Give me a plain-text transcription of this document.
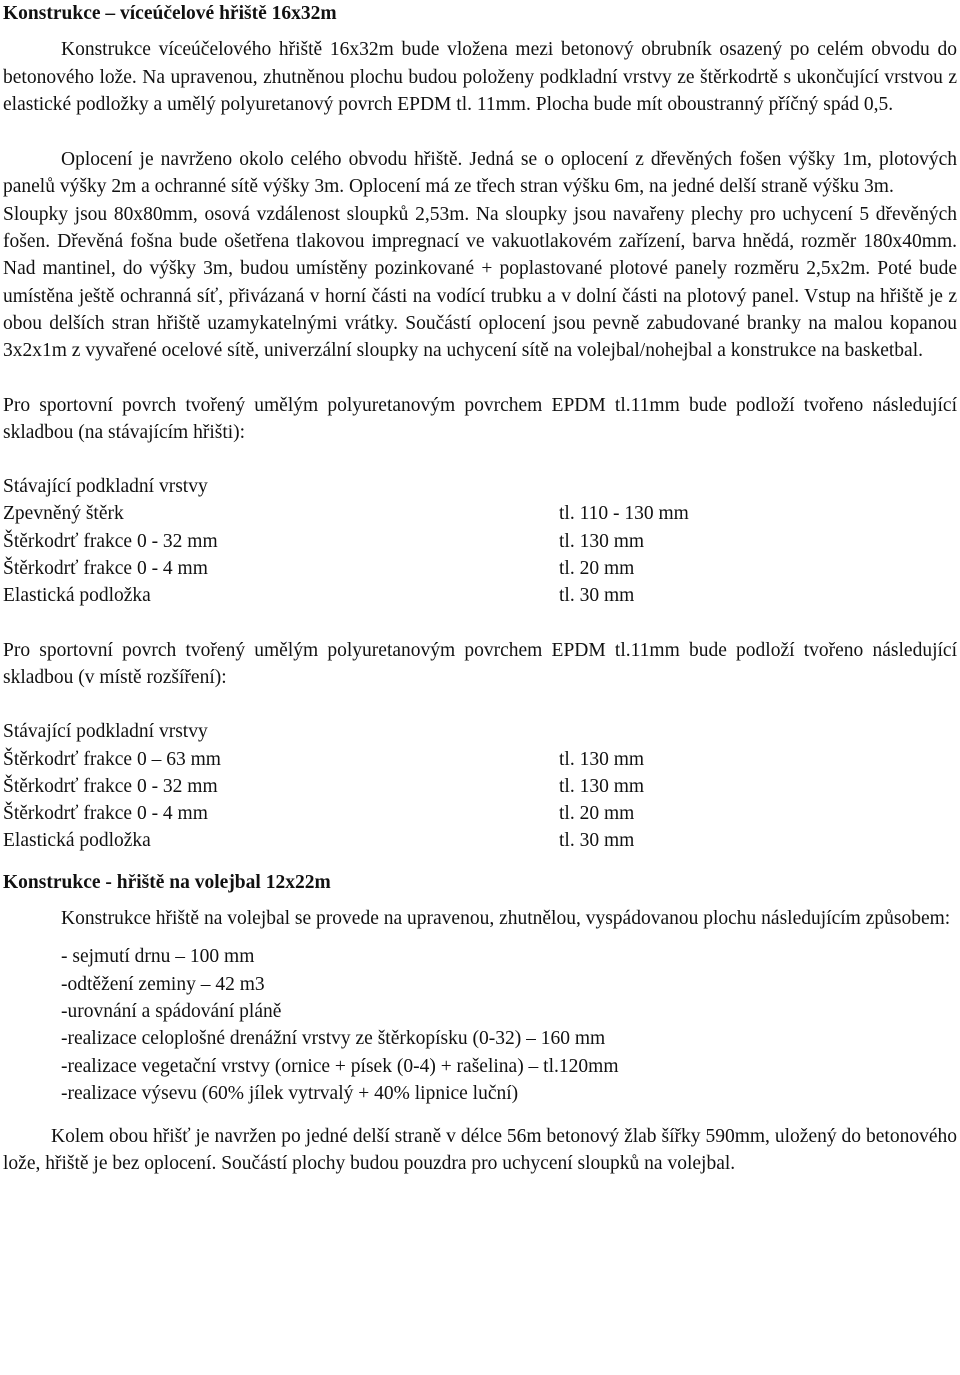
Konstrukce – víceúčelové hřiště 16x32m

Konstrukce víceúčelového hřiště 16x32m bude vložena mezi betonový obrubník osazený po celém obvodu do betonového lože. Na upravenou, zhutněnou plochu budou položeny podkladní vrstvy ze štěrkodrtě s ukončující vrstvou z elastické podložky a umělý polyuretanový povrch EPDM tl. 11mm. Plocha bude mít oboustranný příčný spád 0,5.

Oplocení je navrženo okolo celého obvodu hřiště. Jedná se o oplocení z dřevěných fošen výšky 1m, plotových panelů výšky 2m a ochranné sítě výšky 3m. Oplocení má ze třech stran výšku 6m, na jedné delší straně výšku 3m.

Sloupky jsou 80x80mm, osová vzdálenost sloupků 2,53m. Na sloupky jsou navařeny plechy pro uchycení 5 dřevěných fošen. Dřevěná fošna bude ošetřena tlakovou impregnací ve vakuotlakovém zařízení, barva hnědá, rozměr 180x40mm. Nad mantinel, do výšky 3m, budou umístěny pozinkované + poplastované plotové panely rozměru 2,5x2m. Poté bude umístěna ještě ochranná síť, přivázaná v horní části na vodící trubku a v dolní části na plotový panel. Vstup na hřiště je z obou delších stran hřiště uzamykatelnými vrátky. Součástí oplocení jsou pevně zabudované branky na malou kopanou 3x2x1m z vyvařené ocelové sítě, univerzální sloupky na uchycení sítě na volejbal/nohejbal a konstrukce na basketbal.

Pro sportovní povrch tvořený umělým polyuretanovým povrchem EPDM tl.11mm bude podloží tvořeno následující skladbou (na stávajícím hřišti):

Stávající podkladní vrstvy
Zpevněný štěrk	tl. 110 - 130 mm
Štěrkodrť frakce 0 - 32 mm	tl. 130 mm
Štěrkodrť frakce 0 - 4 mm	tl. 20 mm
Elastická podložka	tl. 30 mm

Pro sportovní povrch tvořený umělým polyuretanovým povrchem EPDM tl.11mm bude podloží tvořeno následující skladbou (v místě rozšíření):

Stávající podkladní vrstvy
Štěrkodrť frakce 0 – 63 mm	tl. 130 mm
Štěrkodrť frakce 0 - 32 mm	tl. 130 mm
Štěrkodrť frakce 0 - 4 mm	tl. 20 mm
Elastická podložka	tl. 30 mm
Konstrukce - hřiště na volejbal 12x22m

Konstrukce hřiště na volejbal se provede na upravenou, zhutnělou, vyspádovanou plochu následujícím způsobem:

- sejmutí drnu – 100 mm
-odtěžení zeminy – 42 m3
-urovnání a spádování pláně
-realizace celoplošné drenážní vrstvy ze štěrkopísku (0-32) – 160 mm
-realizace vegetační vrstvy (ornice + písek (0-4) + rašelina) – tl.120mm
-realizace výsevu (60% jílek vytrvalý + 40% lipnice luční)

Kolem obou hřišť je navržen po jedné delší straně v délce 56m betonový žlab šířky 590mm, uložený do betonového lože, hřiště je bez oplocení. Součástí plochy budou pouzdra pro uchycení sloupků na volejbal.
